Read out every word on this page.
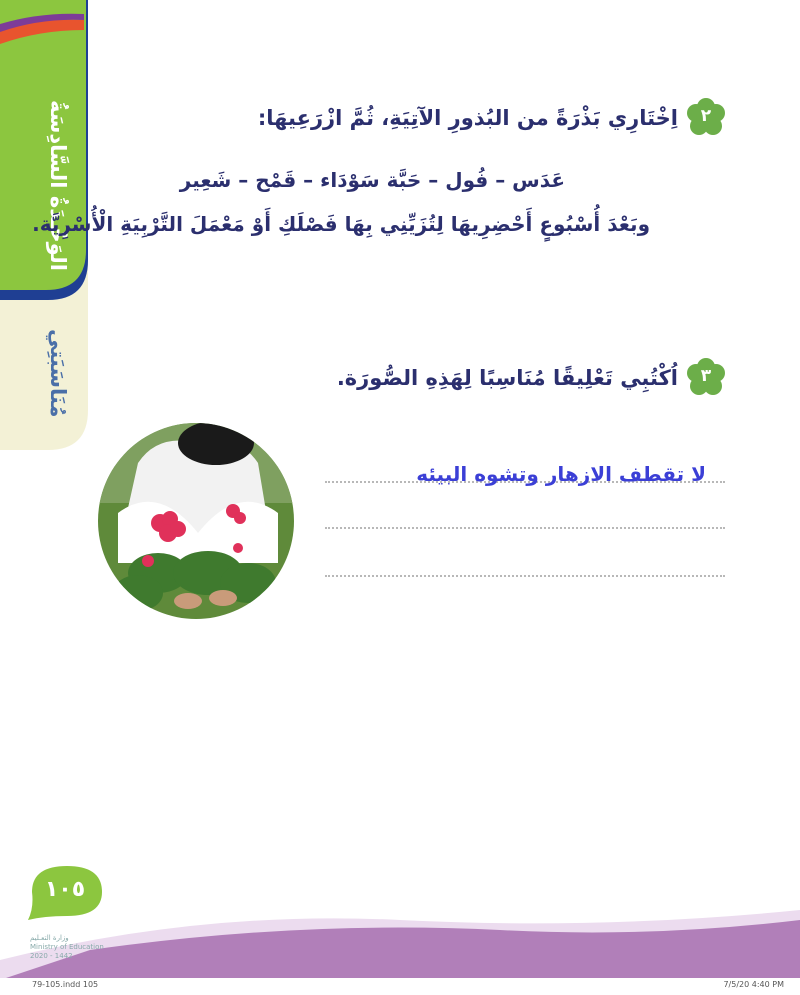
الوَحْـدَةُ السَّادِسَةُ
مُنَاسَبَتِي
٢
اِخْتَارِي بَذْرَةً من البُذورِ الآتِيَةِ، ثُمَّ ازْرَعِيهَا:
عَدَس – فُول – حَبَّة سَوْدَاء – قَمْح – شَعِير
وبَعْدَ أُسْبُوعٍ أَحْضِرِيهَا لِتُزَيِّنِي بِهَا فَصْلَكِ أَوْ مَعْمَلَ التَّرْبِيَةِ الْأُسْرِيَّة.
٣
اُكْتُبِي تَعْلِيقًا مُنَاسِبًا لِهَذِهِ الصُّورَة.
لا تقطف الازهار وتشوه البيئه
١٠٥
وزارة التعـليم
Ministry of Education
2020 - 1442
79-105.indd 105	7/5/20 4:40 PM
